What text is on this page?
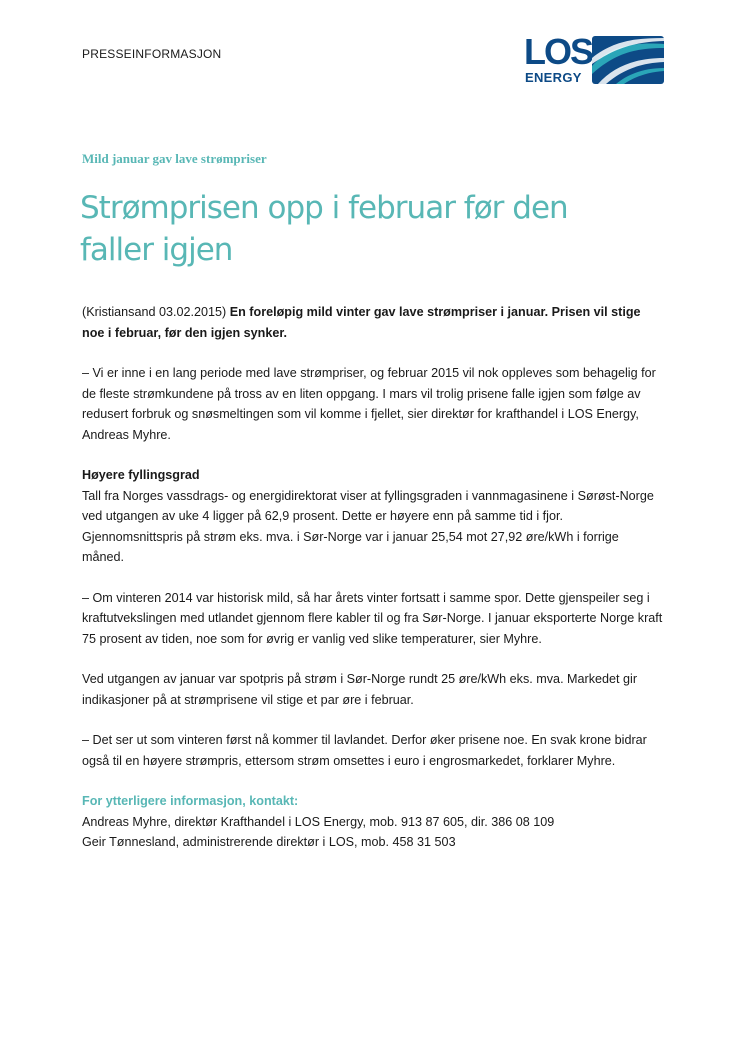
PRESSEINFORMASJON	LOS
ENERGY
Mild januar gav lave strømpriser
Strømprisen opp i februar før den faller igjen

(Kristiansand 03.02.2015) En foreløpig mild vinter gav lave strømpriser i januar. Prisen vil stige noe i februar, før den igjen synker.

– Vi er inne i en lang periode med lave strømpriser, og februar 2015 vil nok oppleves som behagelig for de fleste strømkundene på tross av en liten oppgang. I mars vil trolig prisene falle igjen som følge av redusert forbruk og snøsmeltingen som vil komme i fjellet, sier direktør for krafthandel i LOS Energy, Andreas Myhre.

Høyere fyllingsgrad
Tall fra Norges vassdrags- og energidirektorat viser at fyllingsgraden i vannmagasinene i Sørøst-Norge ved utgangen av uke 4 ligger på 62,9 prosent. Dette er høyere enn på samme tid i fjor. Gjennomsnittspris på strøm eks. mva. i Sør-Norge var i januar 25,54 mot 27,92 øre/kWh i forrige måned.

– Om vinteren 2014 var historisk mild, så har årets vinter fortsatt i samme spor. Dette gjenspeiler seg i kraftutvekslingen med utlandet gjennom flere kabler til og fra Sør-Norge. I januar eksporterte Norge kraft 75 prosent av tiden, noe som for øvrig er vanlig ved slike temperaturer, sier Myhre.

Ved utgangen av januar var spotpris på strøm i Sør-Norge rundt 25 øre/kWh eks. mva. Markedet gir indikasjoner på at strømprisene vil stige et par øre i februar.

– Det ser ut som vinteren først nå kommer til lavlandet. Derfor øker prisene noe. En svak krone bidrar også til en høyere strømpris, ettersom strøm omsettes i euro i engrosmarkedet, forklarer Myhre.

For ytterligere informasjon, kontakt:
Andreas Myhre, direktør Krafthandel i LOS Energy, mob. 913 87 605, dir. 386 08 109
Geir Tønnesland, administrerende direktør i LOS, mob. 458 31 503
